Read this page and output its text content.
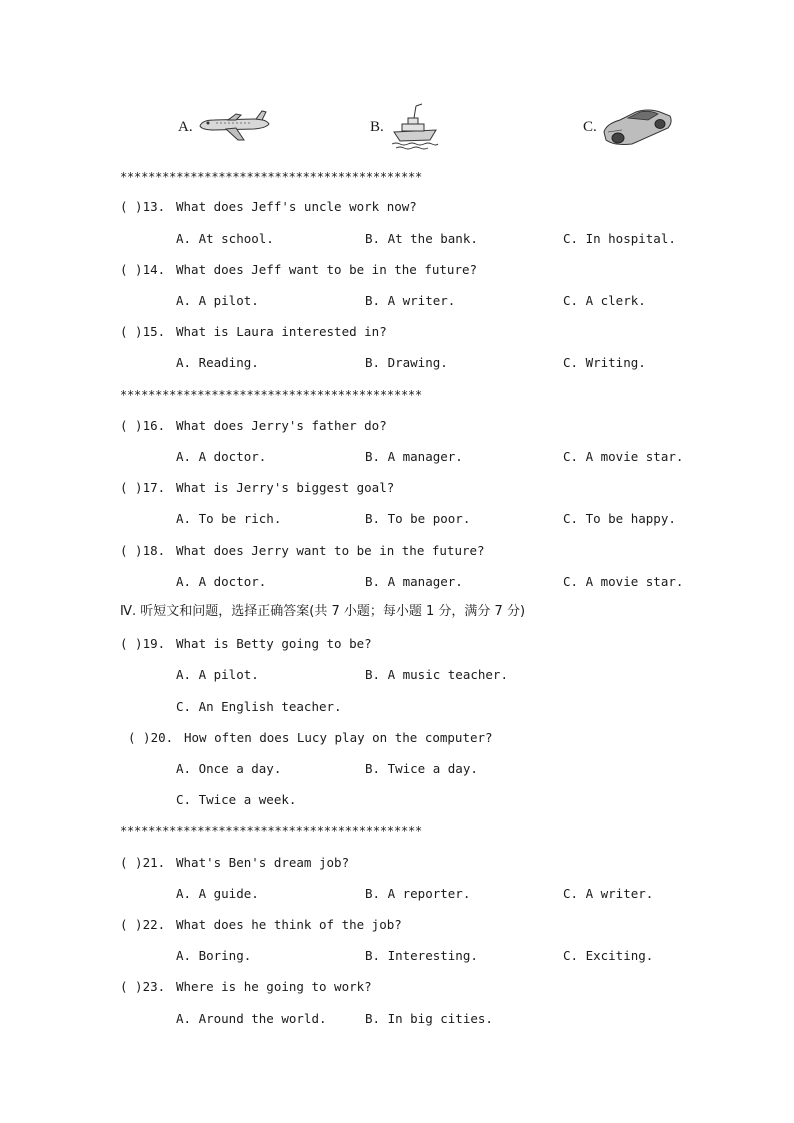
A.	B.	C.
*******************************************
( )13. What does Jeff's uncle work now?
A. At school.	B. At the bank.	C. In hospital.
( )14. What does Jeff want to be in the future?
A. A pilot.	B. A writer.	C. A clerk.
( )15. What is Laura interested in?
A. Reading.	B. Drawing.	C. Writing.
*******************************************
( )16. What does Jerry's father do?
A. A doctor.	B. A manager.	C. A movie star.
( )17. What is Jerry's biggest goal?
A. To be rich.	B. To be poor.	C. To be happy.
( )18. What does Jerry want to be in the future?
A. A doctor.	B. A manager.	C. A movie star.
Ⅳ. 听短文和问题，选择正确答案(共 7 小题；每小题 1 分，满分 7 分)
( )19. What is Betty going to be?
A. A pilot.	B. A music teacher.
C. An English teacher.
( )20. How often does Lucy play on the computer?
A. Once a day.	B. Twice a day.
C. Twice a week.
*******************************************
( )21. What's Ben's dream job?
A. A guide.	B. A reporter.	C. A writer.
( )22. What does he think of the job?
A. Boring.	B. Interesting.	C. Exciting.
( )23. Where is he going to work?
A. Around the world.	B. In big cities.
